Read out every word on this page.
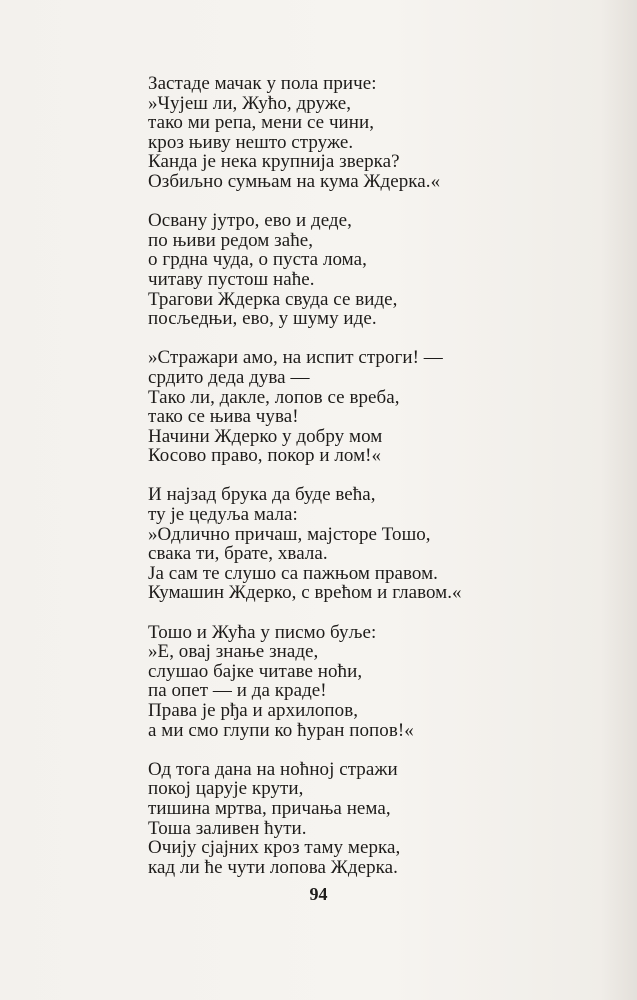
Застаде мачак у пола приче:
»Чујеш ли, Жућо, друже,
тако ми репа, мени се чини,
кроз њиву нешто струже.
Канда је нека крупнија зверка?
Озбиљно сумњам на кума Ждерка.«
Освану јутро, ево и деде,
по њиви редом заће,
о грдна чуда, о пуста лома,
читаву пустош наће.
Трагови Ждерка свуда се виде,
посљедњи, ево, у шуму иде.
»Стражари амо, на испит строги! —
срдито деда дува —
Тако ли, дакле, лопов се вреба,
тако се њива чува!
Начини Ждерко у добру мом
Косово право, покор и лом!«
И најзад брука да буде већа,
ту је цедуља мала:
»Одлично причаш, мајсторе Тошо,
свака ти, брате, хвала.
Ја сам те слушо са пажњом правом.
Кумашин Ждерко, с врећом и главом.«
Тошо и Жућа у писмо буље:
»Е, овај знање знаде,
слушао бајке читаве ноћи,
па опет — и да краде!
Права је рђа и архилопов,
а ми смо глупи ко ћуран попов!«
Од тога дана на ноћној стражи
покој царује крути,
тишина мртва, причања нема,
Тоша заливен ћути.
Очију сјајних кроз таму мерка,
кад ли ће чути лопова Ждерка.
94
